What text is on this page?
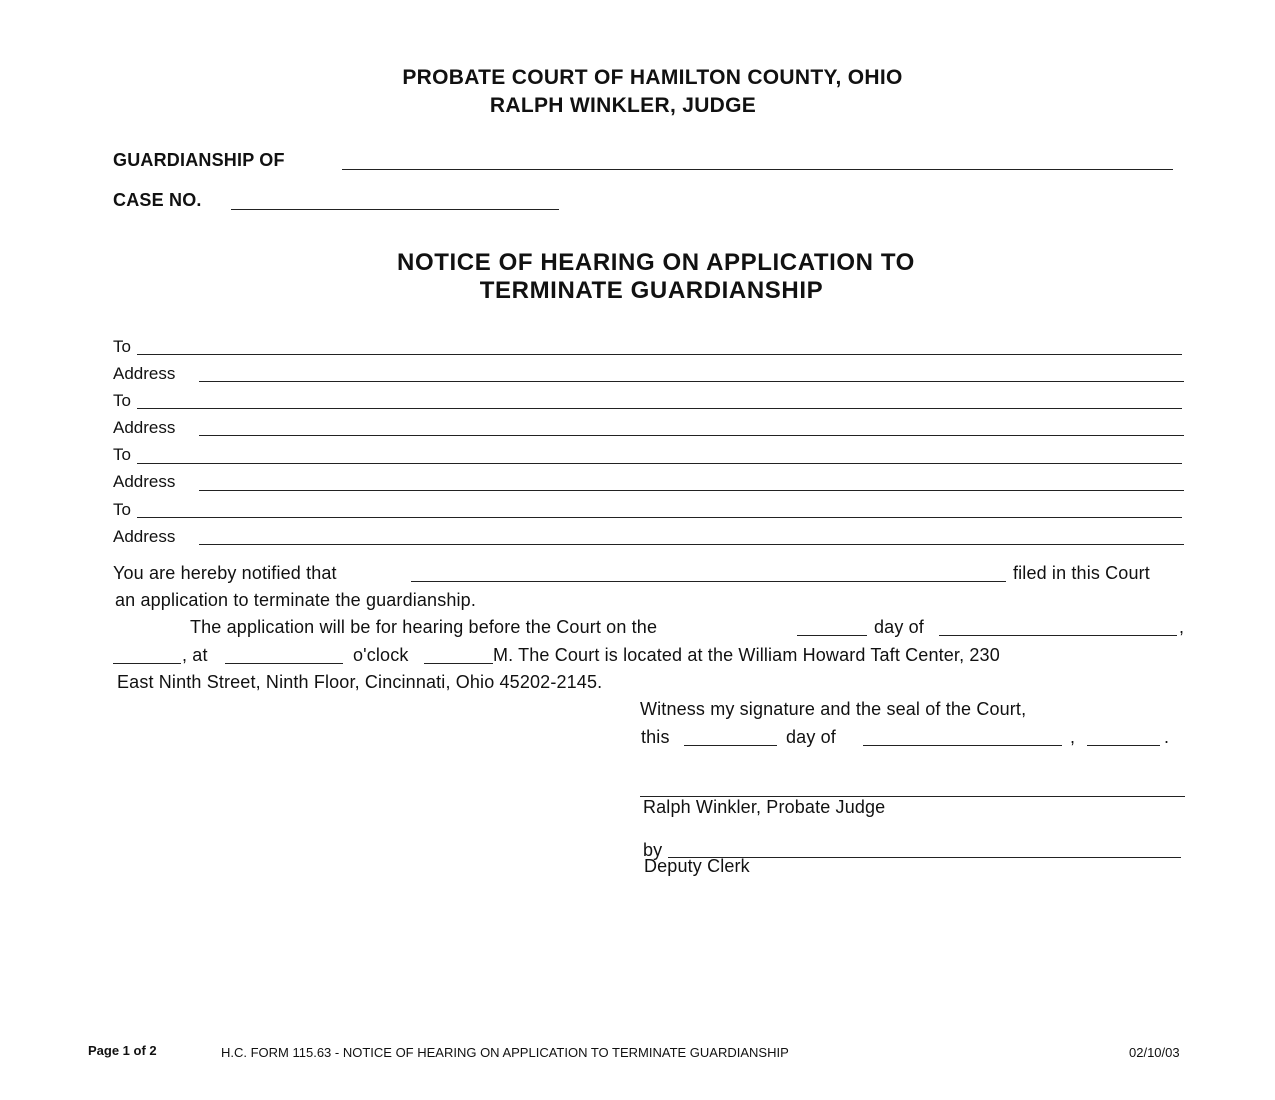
PROBATE COURT OF HAMILTON COUNTY, OHIO
RALPH WINKLER, JUDGE
GUARDIANSHIP OF
CASE NO.
NOTICE OF HEARING ON APPLICATION TO
TERMINATE GUARDIANSHIP
To
Address
To
Address
To
Address
To
Address
You are hereby notified that	filed in this Court
an application to terminate the guardianship.
The application will be for hearing before the Court on the	day of	,
, at	o'clock	M. The Court is located at the William Howard Taft Center, 230
East Ninth Street, Ninth Floor, Cincinnati, Ohio 45202-2145.
Witness my signature and the seal of the Court,
this	day of	,	.
Ralph Winkler, Probate Judge
by
Deputy Clerk
Page 1 of 2	H.C. FORM 115.63 - NOTICE OF HEARING ON APPLICATION TO TERMINATE GUARDIANSHIP	02/10/03
